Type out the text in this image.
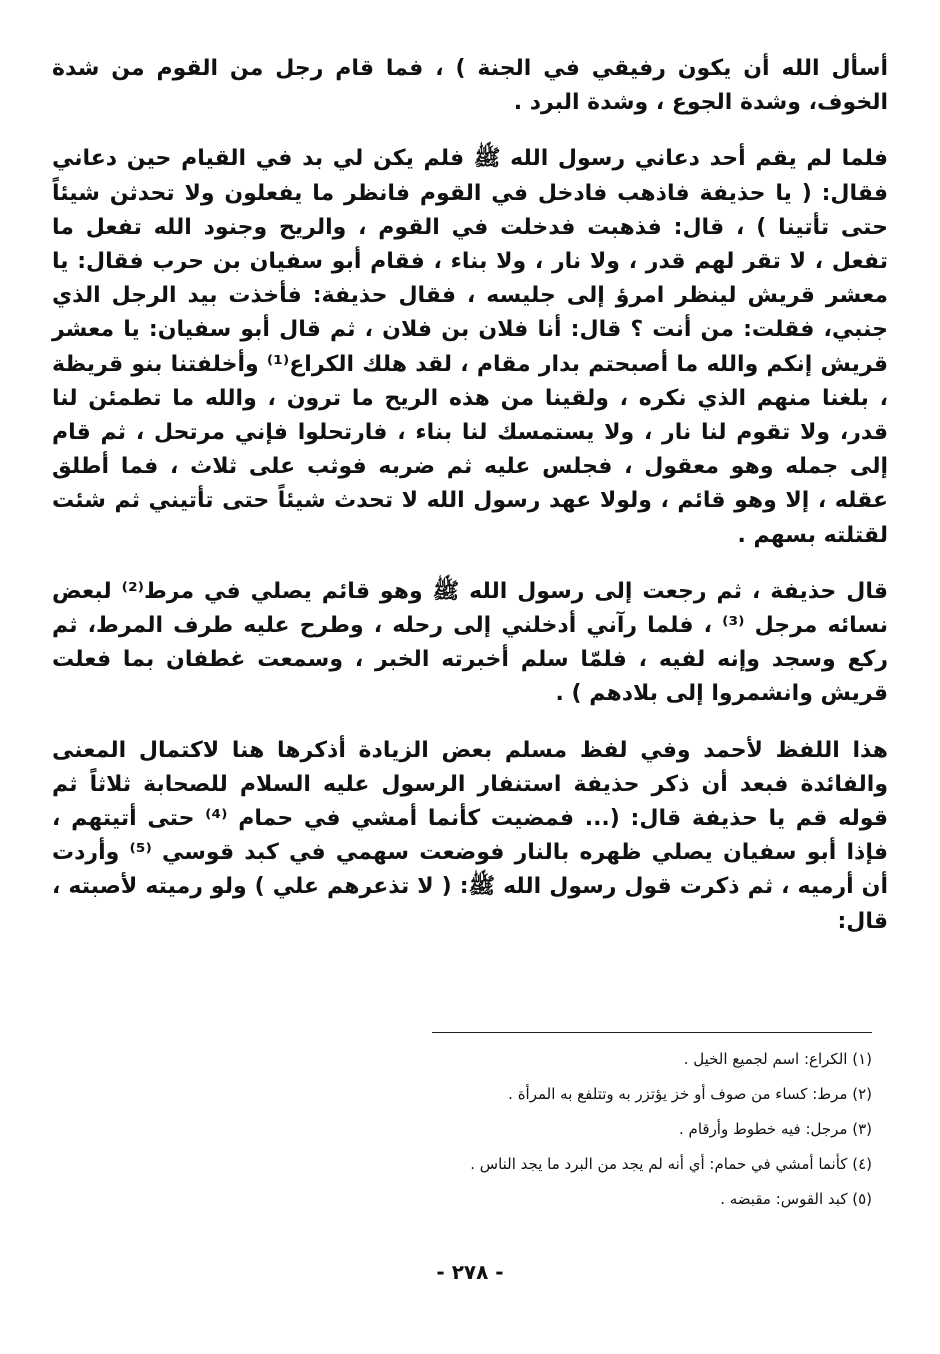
أسأل الله أن يكون رفيقي في الجنة ) ، فما قام رجل من القوم من شدة الخوف، وشدة الجوع ، وشدة البرد .

فلما لم يقم أحد دعاني رسول الله ﷺ فلم يكن لي بد في القيام حين دعاني فقال: ( يا حذيفة فاذهب فادخل في القوم فانظر ما يفعلون ولا تحدثن شيئاً حتى تأتينا ) ، قال: فذهبت فدخلت في القوم ، والريح وجنود الله تفعل ما تفعل ، لا تقر لهم قدر ، ولا نار ، ولا بناء ، فقام أبو سفيان بن حرب فقال: يا معشر قريش لينظر امرؤ إلى جليسه ، فقال حذيفة: فأخذت بيد الرجل الذي جنبي، فقلت: من أنت ؟ قال: أنا فلان بن فلان ، ثم قال أبو سفيان: يا معشر قريش إنكم والله ما أصبحتم بدار مقام ، لقد هلك الكراع⁽¹⁾ وأخلفتنا بنو قريظة ، بلغنا منهم الذي نكره ، ولقينا من هذه الريح ما ترون ، والله ما تطمئن لنا قدر، ولا تقوم لنا نار ، ولا يستمسك لنا بناء ، فارتحلوا فإني مرتحل ، ثم قام إلى جمله وهو معقول ، فجلس عليه ثم ضربه فوثب على ثلاث ، فما أطلق عقله ، إلا وهو قائم ، ولولا عهد رسول الله لا تحدث شيئاً حتى تأتيني ثم شئت لقتلته بسهم .

قال حذيفة ، ثم رجعت إلى رسول الله ﷺ وهو قائم يصلي في مرط⁽²⁾ لبعض نسائه مرجل ⁽³⁾ ، فلما رآني أدخلني إلى رحله ، وطرح عليه طرف المرط، ثم ركع وسجد وإنه لفيه ، فلمّا سلم أخبرته الخبر ، وسمعت غطفان بما فعلت قريش وانشمروا إلى بلادهم ) .

هذا اللفظ لأحمد وفي لفظ مسلم بعض الزيادة أذكرها هنا لاكتمال المعنى والفائدة فبعد أن ذكر حذيفة استنفار الرسول عليه السلام للصحابة ثلاثاً ثم قوله قم يا حذيفة قال: (... فمضيت كأنما أمشي في حمام ⁽⁴⁾ حتى أتيتهم ، فإذا أبو سفيان يصلي ظهره بالنار فوضعت سهمي في كبد قوسي ⁽⁵⁾ وأردت أن أرميه ، ثم ذكرت قول رسول الله ﷺ: ( لا تذعرهم علي ) ولو رميته لأصبته ، قال:

(١) الكراع: اسم لجميع الخيل .

(٢) مرط: كساء من صوف أو خز يؤتزر به وتتلفع به المرأة .

(٣) مرجل: فيه خطوط وأرقام .

(٤) كأنما أمشي في حمام: أي أنه لم يجد من البرد ما يجد الناس .

(٥) كبد القوس: مقبضه .

- ٢٧٨ -
